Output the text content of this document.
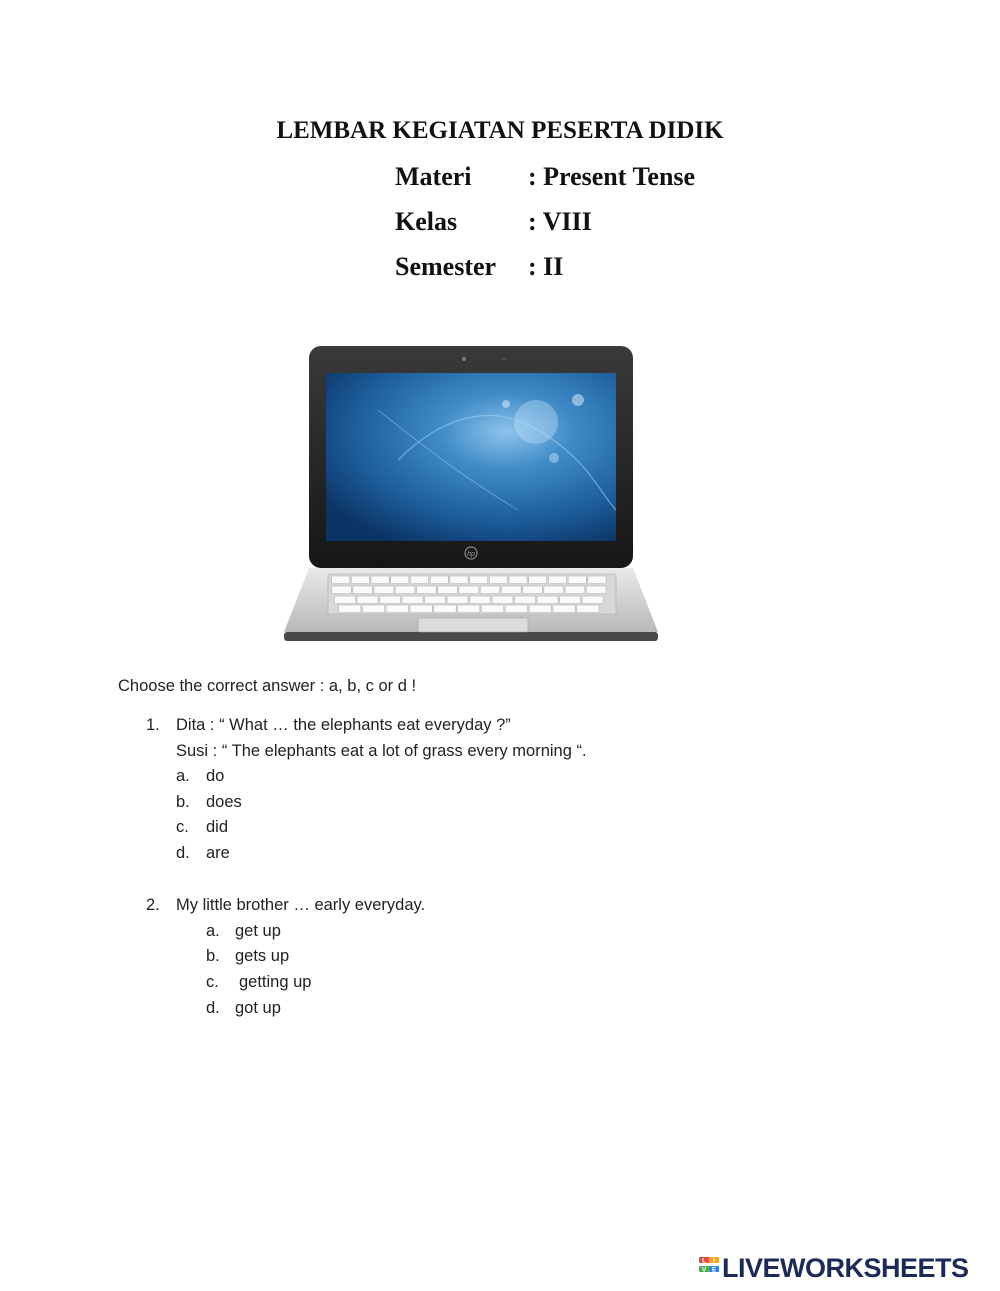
LEMBAR KEGIATAN PESERTA DIDIK
Materi : Present Tense
Kelas	: VIII
Semester : II
hp
Choose the correct answer : a, b, c or d !
1. Dita : “ What … the elephants eat everyday ?”
Susi : “ The elephants eat a lot of grass every morning “.
a. do
b. does
c. did
d. are
2. My little brother … early everyday.
a. get up
b. gets up
c. getting up
d. got up
L I
V E LIVEWORKSHEETS
